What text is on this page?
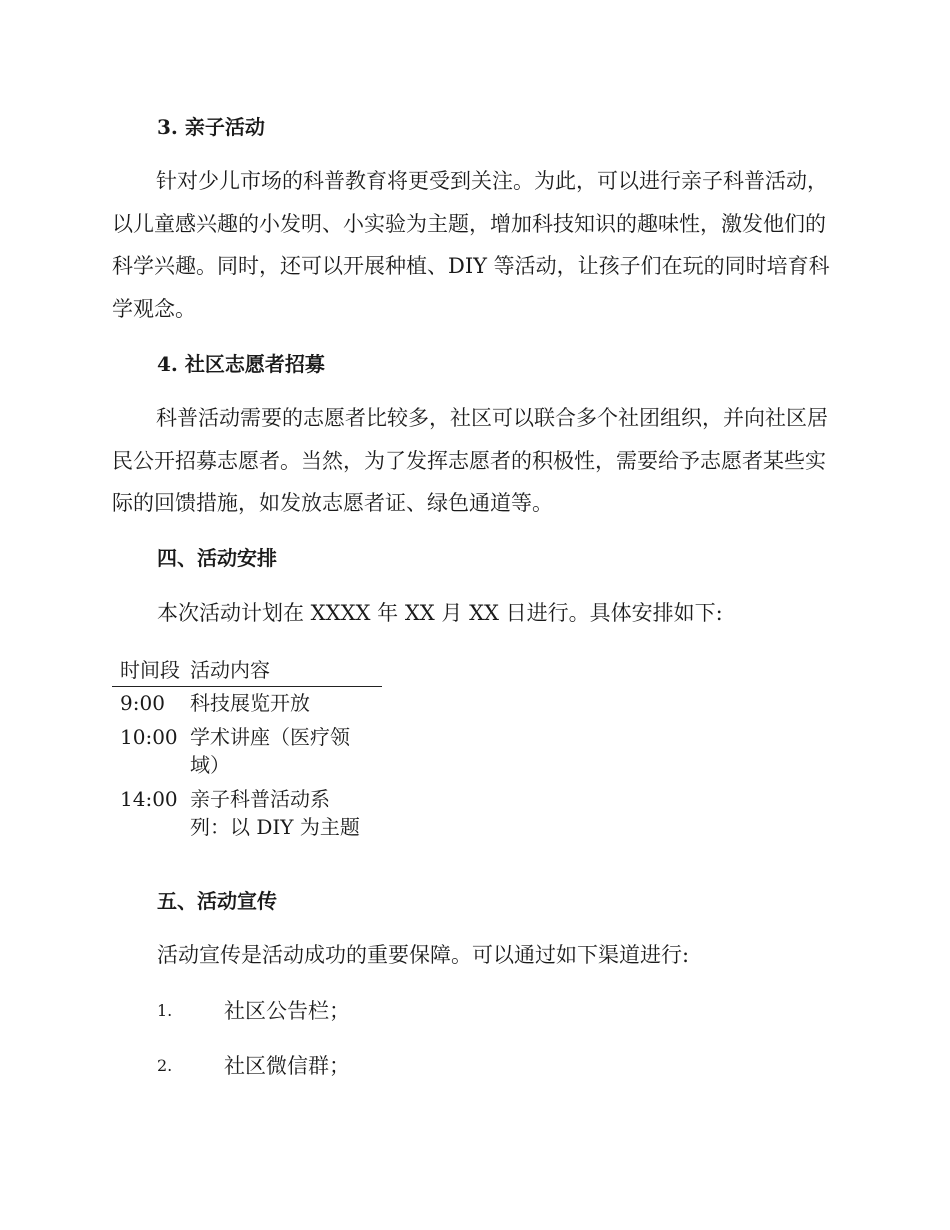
3. 亲子活动

针对少儿市场的科普教育将更受到关注。为此，可以进行亲子科普活动，以儿童感兴趣的小发明、小实验为主题，增加科技知识的趣味性，激发他们的科学兴趣。同时，还可以开展种植、DIY 等活动，让孩子们在玩的同时培育科学观念。

4. 社区志愿者招募

科普活动需要的志愿者比较多，社区可以联合多个社团组织，并向社区居民公开招募志愿者。当然，为了发挥志愿者的积极性，需要给予志愿者某些实际的回馈措施，如发放志愿者证、绿色通道等。

四、活动安排

本次活动计划在 XXXX 年 XX 月 XX 日进行。具体安排如下:

时间段	活动内容
9:00	科技展览开放
10:00	学术讲座（医疗领域）
14:00	亲子科普活动系列：以 DIY 为主题
五、活动宣传

活动宣传是活动成功的重要保障。可以通过如下渠道进行:

1. 社区公告栏；
2. 社区微信群；
